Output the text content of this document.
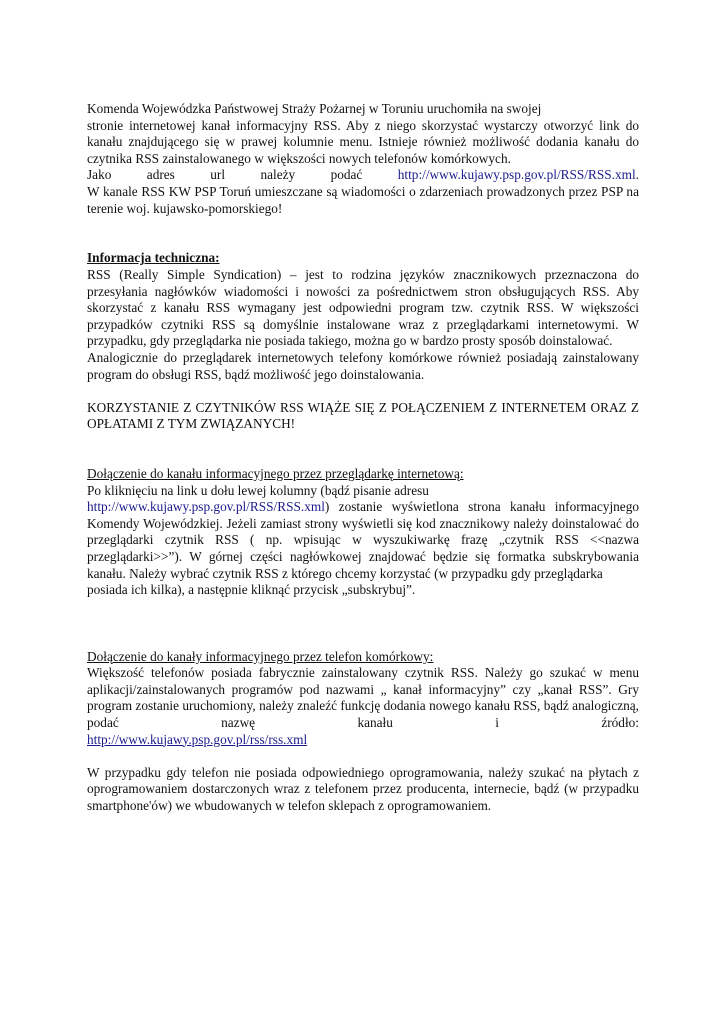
Komenda Wojewódzka Państwowej Straży Pożarnej w Toruniu uruchomiła na swojej

stronie internetowej kanał informacyjny RSS. Aby z niego skorzystać wystarczy otworzyć link do kanału znajdującego się w prawej kolumnie menu. Istnieje również możliwość dodania kanału do czytnika RSS zainstalowanego w większości nowych telefonów komórkowych.

Jako adres url należy podać	http://www.kujawy.psp.gov.pl/RSS/RSS.xml.

W kanale RSS KW PSP Toruń umieszczane są wiadomości o zdarzeniach prowadzonych przez PSP na terenie woj. kujawsko-pomorskiego!

Informacja techniczna:

RSS (Really Simple Syndication) – jest to rodzina języków znacznikowych przeznaczona do przesyłania nagłówków wiadomości i nowości za pośrednictwem stron obsługujących RSS. Aby skorzystać z kanału RSS wymagany jest odpowiedni program tzw. czytnik RSS. W większości przypadków czytniki RSS są domyślnie instalowane wraz z przeglądarkami internetowymi. W przypadku, gdy przeglądarka nie posiada takiego, można go w bardzo prosty sposób doinstalować.

Analogicznie do przeglądarek internetowych telefony komórkowe również posiadają zainstalowany program do obsługi RSS, bądź możliwość jego doinstalowania.

KORZYSTANIE Z CZYTNIKÓW RSS WIĄŻE SIĘ Z POŁĄCZENIEM Z INTERNETEM ORAZ Z OPŁATAMI Z TYM ZWIĄZANYCH!

Dołączenie do kanału informacyjnego przez przeglądarkę internetową:

Po kliknięciu na link u dołu lewej kolumny (bądź pisanie adresu

http://www.kujawy.psp.gov.pl/RSS/RSS.xml) zostanie wyświetlona strona kanału informacyjnego Komendy Wojewódzkiej. Jeżeli zamiast strony wyświetli się kod znacznikowy należy doinstalować do przeglądarki czytnik RSS ( np. wpisując w wyszukiwarkę frazę „czytnik RSS <<nazwa przeglądarki>>”). W górnej części nagłówkowej znajdować będzie się formatka subskrybowania kanału. Należy wybrać czytnik RSS z którego chcemy korzystać (w przypadku gdy przeglądarka

posiada ich kilka), a następnie kliknąć przycisk „subskrybuj”.

Dołączenie do kanały informacyjnego przez telefon komórkowy:

Większość telefonów posiada fabrycznie zainstalowany czytnik RSS. Należy go szukać w menu aplikacji/zainstalowanych programów pod nazwami „ kanał informacyjny” czy „kanał RSS”. Gry program zostanie uruchomiony, należy znaleźć funkcję dodania nowego kanału RSS, bądź analogiczną, podać nazwę kanału i źródło:

http://www.kujawy.psp.gov.pl/rss/rss.xml

W przypadku gdy telefon nie posiada odpowiedniego oprogramowania, należy szukać na płytach z oprogramowaniem dostarczonych wraz z telefonem przez producenta, internecie, bądź (w przypadku smartphone'ów) we wbudowanych w telefon sklepach z oprogramowaniem.
